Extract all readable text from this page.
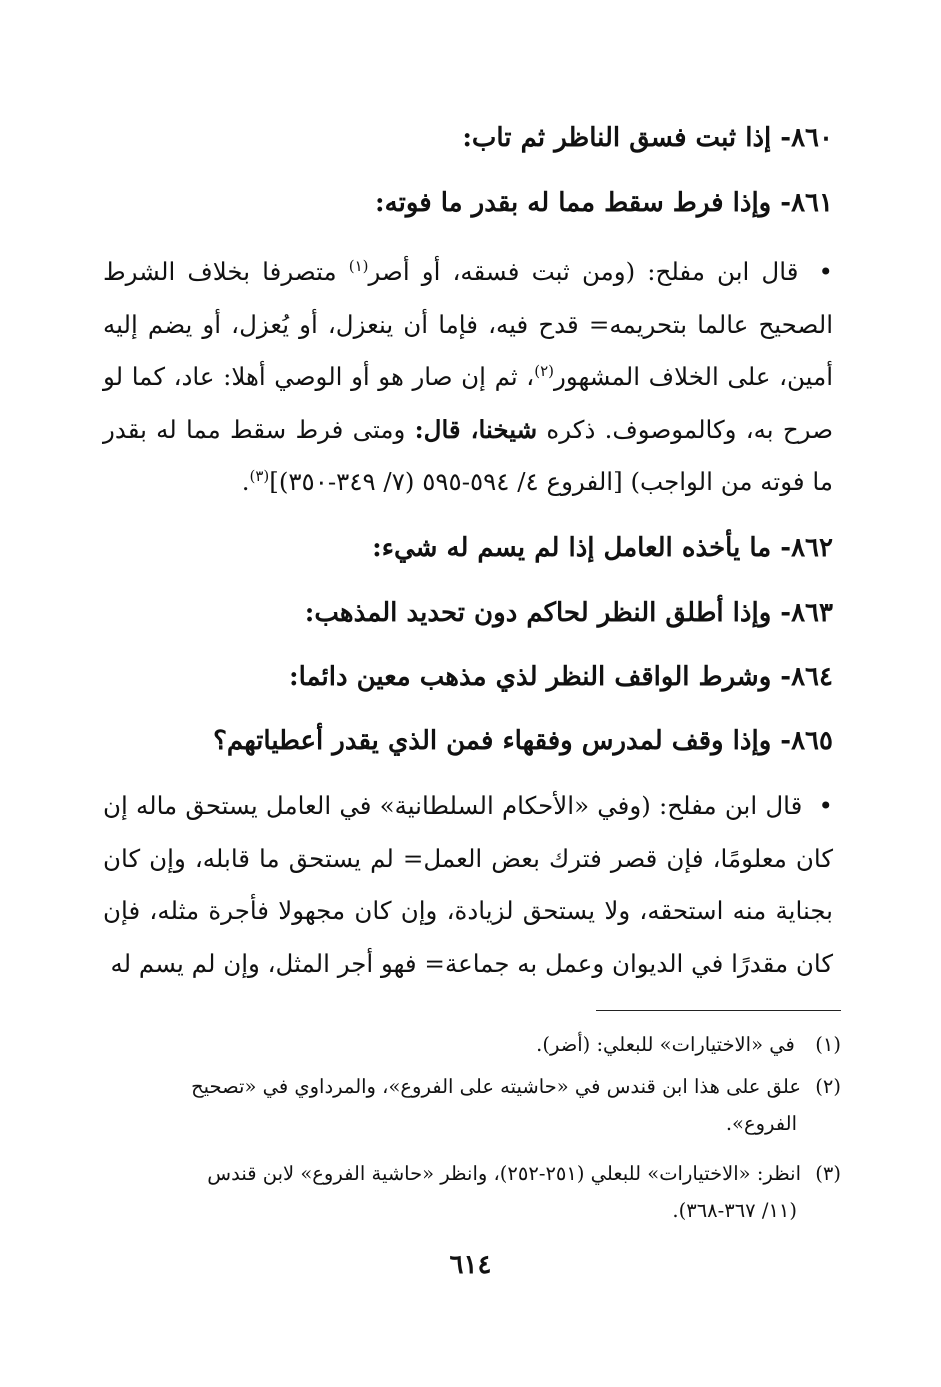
٨٦٠- إذا ثبت فسق الناظر ثم تاب:
٨٦١- وإذا فرط سقط مما له بقدر ما فوته:
• قال ابن مفلح: (ومن ثبت فسقه، أو أصر$^{(١)}$ متصرفا بخلاف الشرط الصحيح عالما بتحريمه= قدح فيه، فإما أن ينعزل، أو يُعزل، أو يضم إليه أمين، على الخلاف المشهور$^{(٢)}$، ثم إن صار هو أو الوصي أهلا: عاد، كما لو صرح به، وكالموصوف. ذكره شيخنا، قال: ومتى فرط سقط مما له بقدر ما فوته من الواجب) [الفروع ٤/ ٥٩٤-٥٩٥ (٧/ ٣٤٩-٣٥٠)]$^{(٣)}$.
٨٦٢- ما يأخذه العامل إذا لم يسم له شيء:
٨٦٣- وإذا أطلق النظر لحاكم دون تحديد المذهب:
٨٦٤- وشرط الواقف النظر لذي مذهب معين دائما:
٨٦٥- وإذا وقف لمدرس وفقهاء فمن الذي يقدر أعطياتهم؟
• قال ابن مفلح: (وفي «الأحكام السلطانية» في العامل يستحق ماله إن كان معلومًا، فإن قصر فترك بعض العمل= لم يستحق ما قابله، وإن كان بجناية منه استحقه، ولا يستحق لزيادة، وإن كان مجهولا فأجرة مثله، فإن كان مقدرًا في الديوان وعمل به جماعة= فهو أجر المثل، وإن لم يسم له
(١) في «الاختيارات» للبعلي: (أضر).
(٢)علق على هذا ابن قندس في «حاشيته على الفروع»، والمرداوي في «تصحيح
الفروع».
(٣)انظر: «الاختيارات» للبعلي (٢٥١-٢٥٢)، وانظر «حاشية الفروع» لابن قندس
(١١/ ٣٦٧-٣٦٨).
٦١٤
